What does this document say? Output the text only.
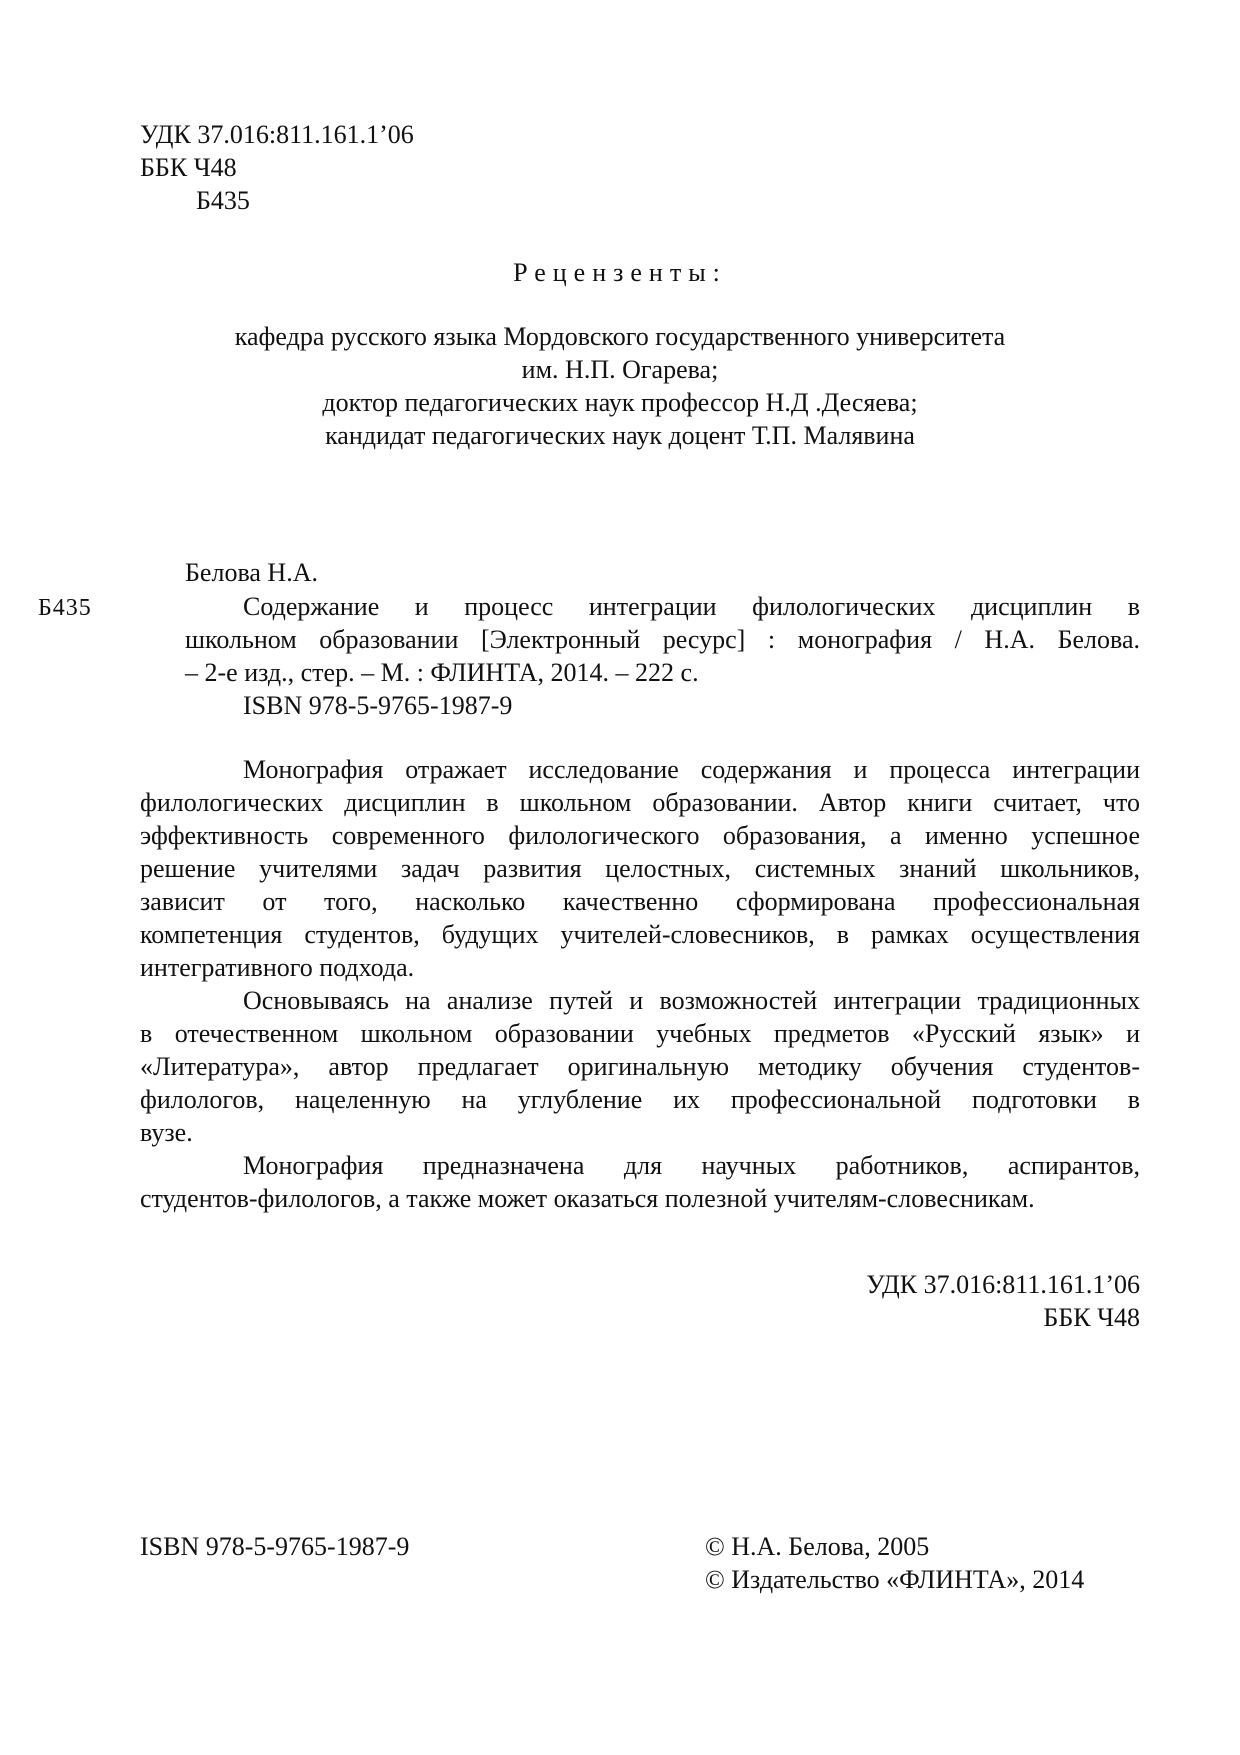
УДК 37.016:811.161.1’06
ББК Ч48
Б435
Рецензенты:
кафедра русского языка Мордовского государственного университета
им. Н.П. Огарева;
доктор педагогических наук профессор Н.Д .Десяева;
кандидат педагогических наук доцент Т.П. Малявина
Белова Н.А.
Б435	Содержание и процесс интеграции филологических дисциплин в
школьном образовании [Электронный ресурс] : монография / Н.А. Белова.
– 2-е изд., стер. – М. : ФЛИНТА, 2014. – 222 с.
ISBN 978-5-9765-1987-9
Монография отражает исследование содержания и процесса интеграции
филологических дисциплин в школьном образовании. Автор книги считает, что
эффективность современного филологического образования, а именно успешное
решение учителями задач развития целостных, системных знаний школьников,
зависит от того, насколько качественно сформирована профессиональная
компетенция студентов, будущих учителей-словесников, в рамках осуществления
интегративного подхода.
Основываясь на анализе путей и возможностей интеграции традиционных
в отечественном школьном образовании учебных предметов «Русский язык» и
«Литература», автор предлагает оригинальную методику обучения студентов-
филологов, нацеленную на углубление их профессиональной подготовки в
вузе.
Монография предназначена для научных работников, аспирантов,
студентов-филологов, а также может оказаться полезной учителям-словесникам.
УДК 37.016:811.161.1’06
ББК Ч48
ISBN 978-5-9765-1987-9	© Н.А. Белова, 2005
© Издательство «ФЛИНТА», 2014
